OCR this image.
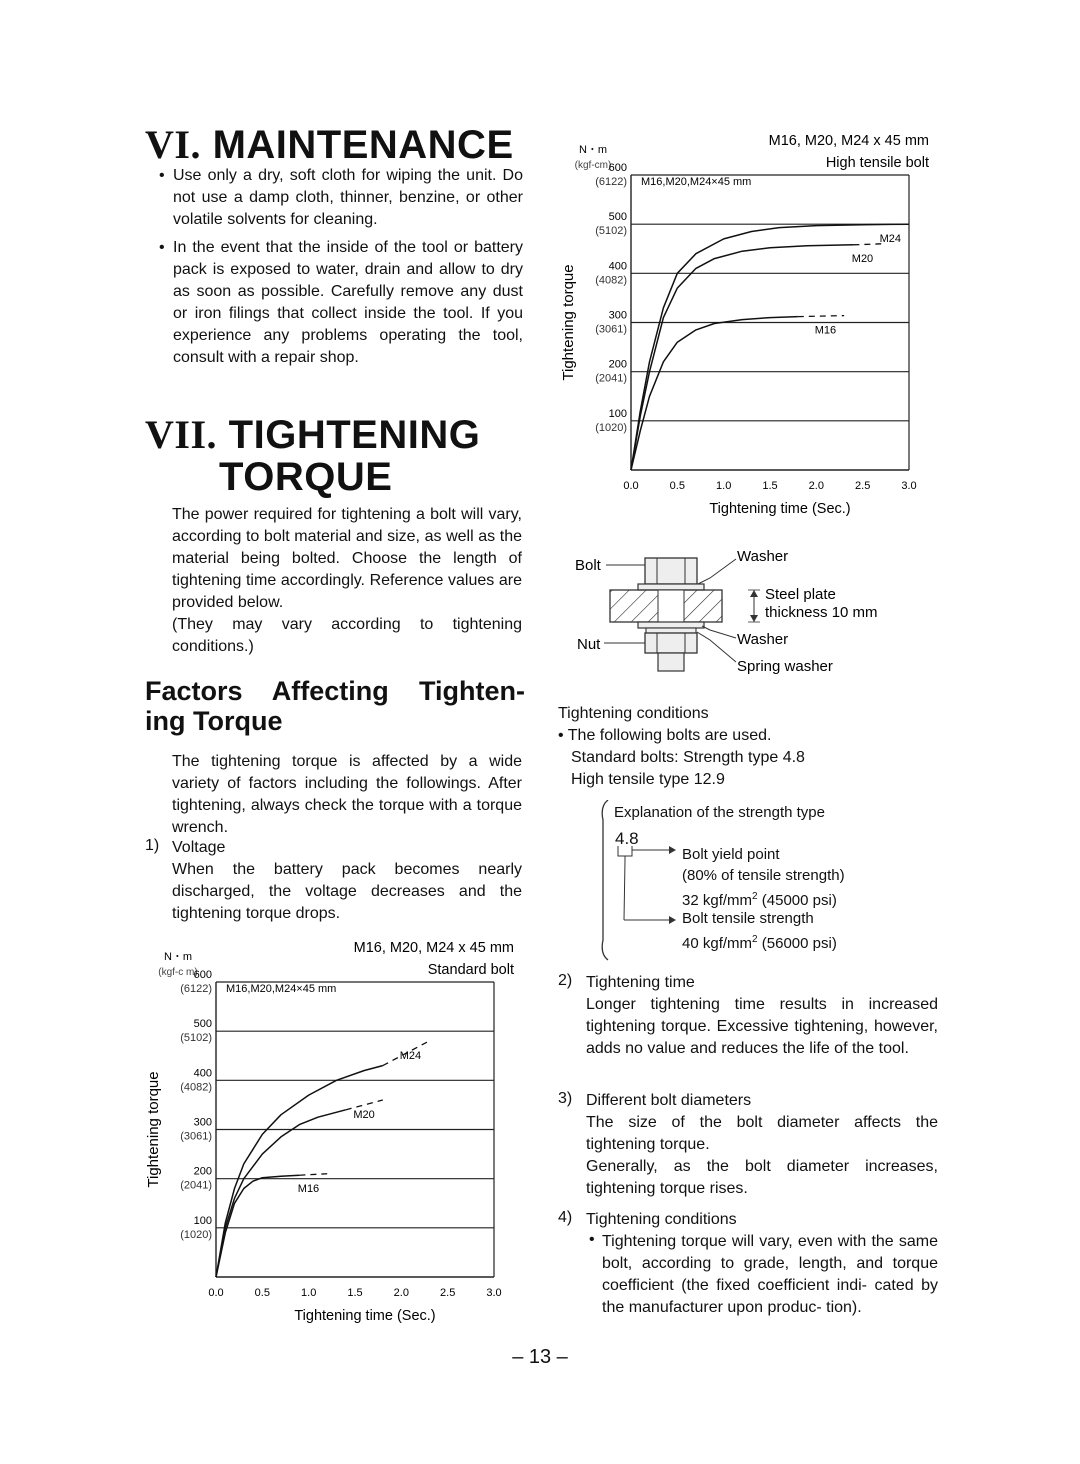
VI. MAINTENANCE
• Use only a dry, soft cloth for wiping the unit. Do not use a damp cloth, thinner, benzine, or other volatile solvents for cleaning.
• In the event that the inside of the tool or battery pack is exposed to water, drain and allow to dry as soon as possible. Carefully remove any dust or iron filings that collect inside the tool. If you experience any problems operating the tool, consult with a repair shop.
VII. TIGHTENING
TORQUE

The power required for tightening a bolt will vary, according to bolt material and size, as well as the material being bolted. Choose the length of tightening time accordingly. Reference values are provided below.

(They may vary according to tightening conditions.)

Factors Affecting Tighten- ing Torque

The tightening torque is affected by a wide variety of factors including the followings. After tightening, always check the torque with a torque wrench.

1) Voltage

When the battery pack becomes nearly discharged, the voltage decreases and the tightening torque drops.

M16, M20, M24 x 45 mm
Standard bolt
M16,M20,M24×45 mm
N・m
(kgf-c m)
600
(6122)
500
(5102)
400
(4082)
300
(3061)
200
(2041)
100
(1020)
0.0	0.5	1.0	1.5	2.0	2.5	3.0
Tightening time (Sec.)
Tightening torque
M24
M20
M16
M16, M20, M24 x 45 mm
High tensile bolt
M16,M20,M24×45 mm
N・m
(kgf-cm)
600
(6122)
500
(5102)
400
(4082)
300
(3061)
200
(2041)
100
(1020)
0.0	0.5	1.0	1.5	2.0	2.5	3.0
Tightening time (Sec.)
Tightening torque
M24
M20
M16
Bolt
Nut
Washer
Steel plate
thickness 10 mm
Washer
Spring washer

Tightening conditions

• The following bolts are used.

Standard bolts: Strength type 4.8

High tensile type 12.9

Explanation of the strength type
4.8
Bolt yield point
(80% of tensile strength)
32 kgf/$mm^2$ (45000 psi)
Bolt tensile strength
40 kgf/$mm^2$ (56000 psi)
2) Tightening time

Longer tightening time results in increased tightening torque. Excessive tightening, however, adds no value and reduces the life of the tool.

3) Different bolt diameters

The size of the bolt diameter affects the tightening torque.

Generally, as the bolt diameter increases, tightening torque rises.

4) Tightening conditions

• Tightening torque will vary, even with the same bolt, according to grade, length, and torque coefficient (the fixed coefficient indi- cated by the manufacturer upon produc- tion).

– 13 –
